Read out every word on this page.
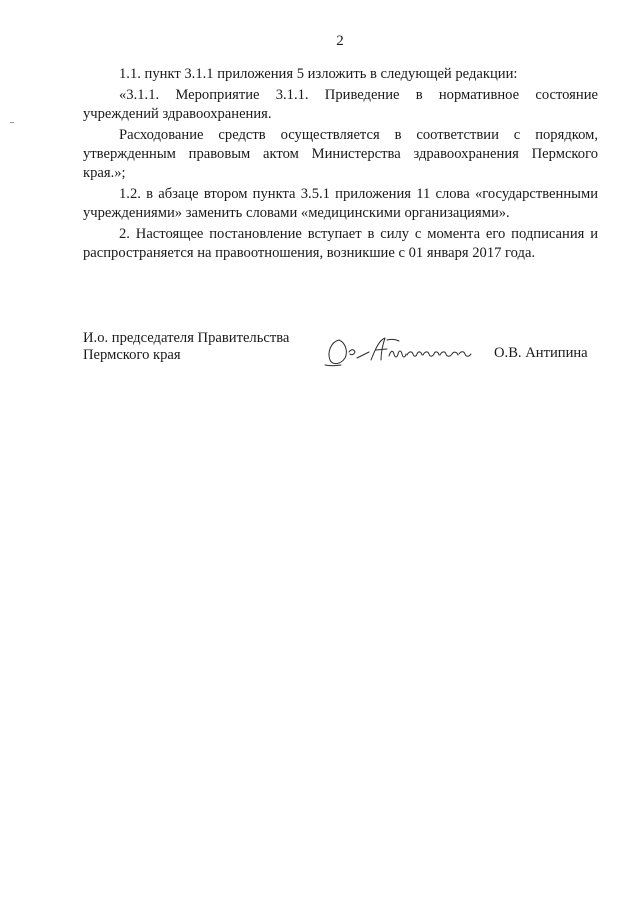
2

1.1. пункт 3.1.1 приложения 5 изложить в следующей редакции:

«3.1.1. Мероприятие 3.1.1. Приведение в нормативное состояние учреждений здравоохранения.

Расходование средств осуществляется в соответствии с порядком, утвержденным правовым актом Министерства здравоохранения Пермского края.»;

1.2. в абзаце втором пункта 3.5.1 приложения 11 слова «государственными учреждениями» заменить словами «медицинскими организациями».

2. Настоящее постановление вступает в силу с момента его подписания и распространяется на правоотношения, возникшие с 01 января 2017 года.

И.о. председателя Правительства
Пермского края	О.В. Антипина
